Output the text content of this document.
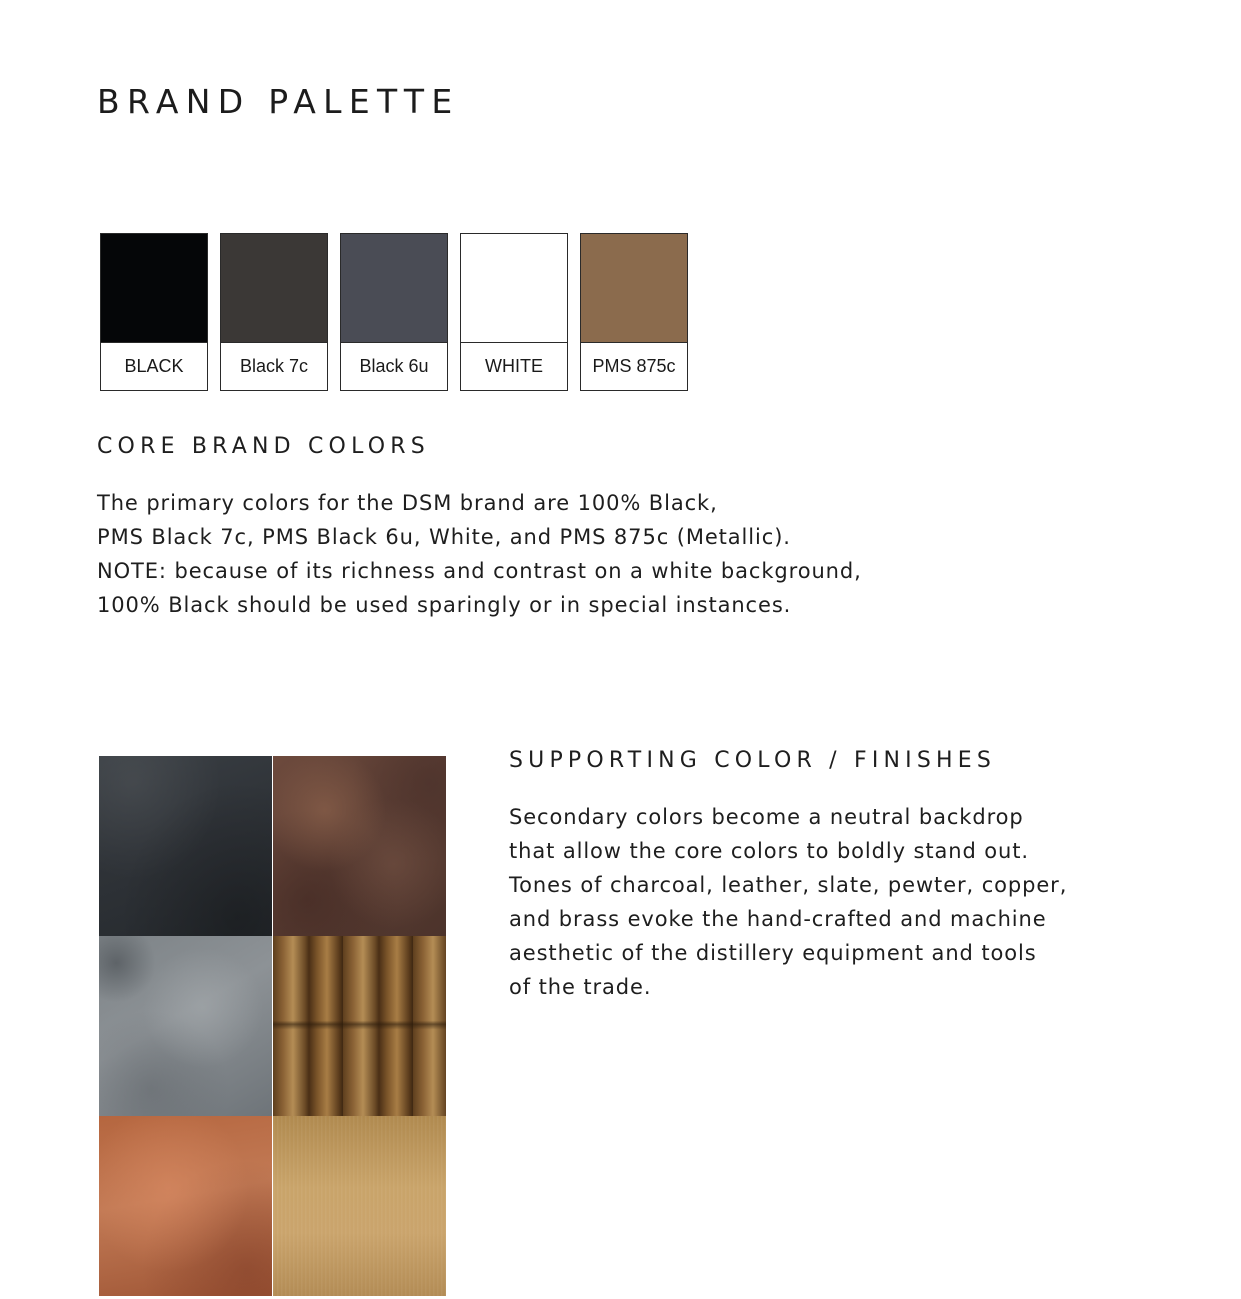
BRAND PALETTE
BLACK	Black 7c	Black 6u	WHITE	PMS 875c
CORE BRAND COLORS

The primary colors for the DSM brand are 100% Black,
PMS Black 7c, PMS Black 6u, White, and PMS 875c (Metallic).
NOTE: because of its richness and contrast on a white background,
100% Black should be used sparingly or in special instances.

SUPPORTING COLOR / FINISHES

Secondary colors become a neutral backdrop
that allow the core colors to boldly stand out.
Tones of charcoal, leather, slate, pewter, copper,
and brass evoke the hand-crafted and machine
aesthetic of the distillery equipment and tools
of the trade.
